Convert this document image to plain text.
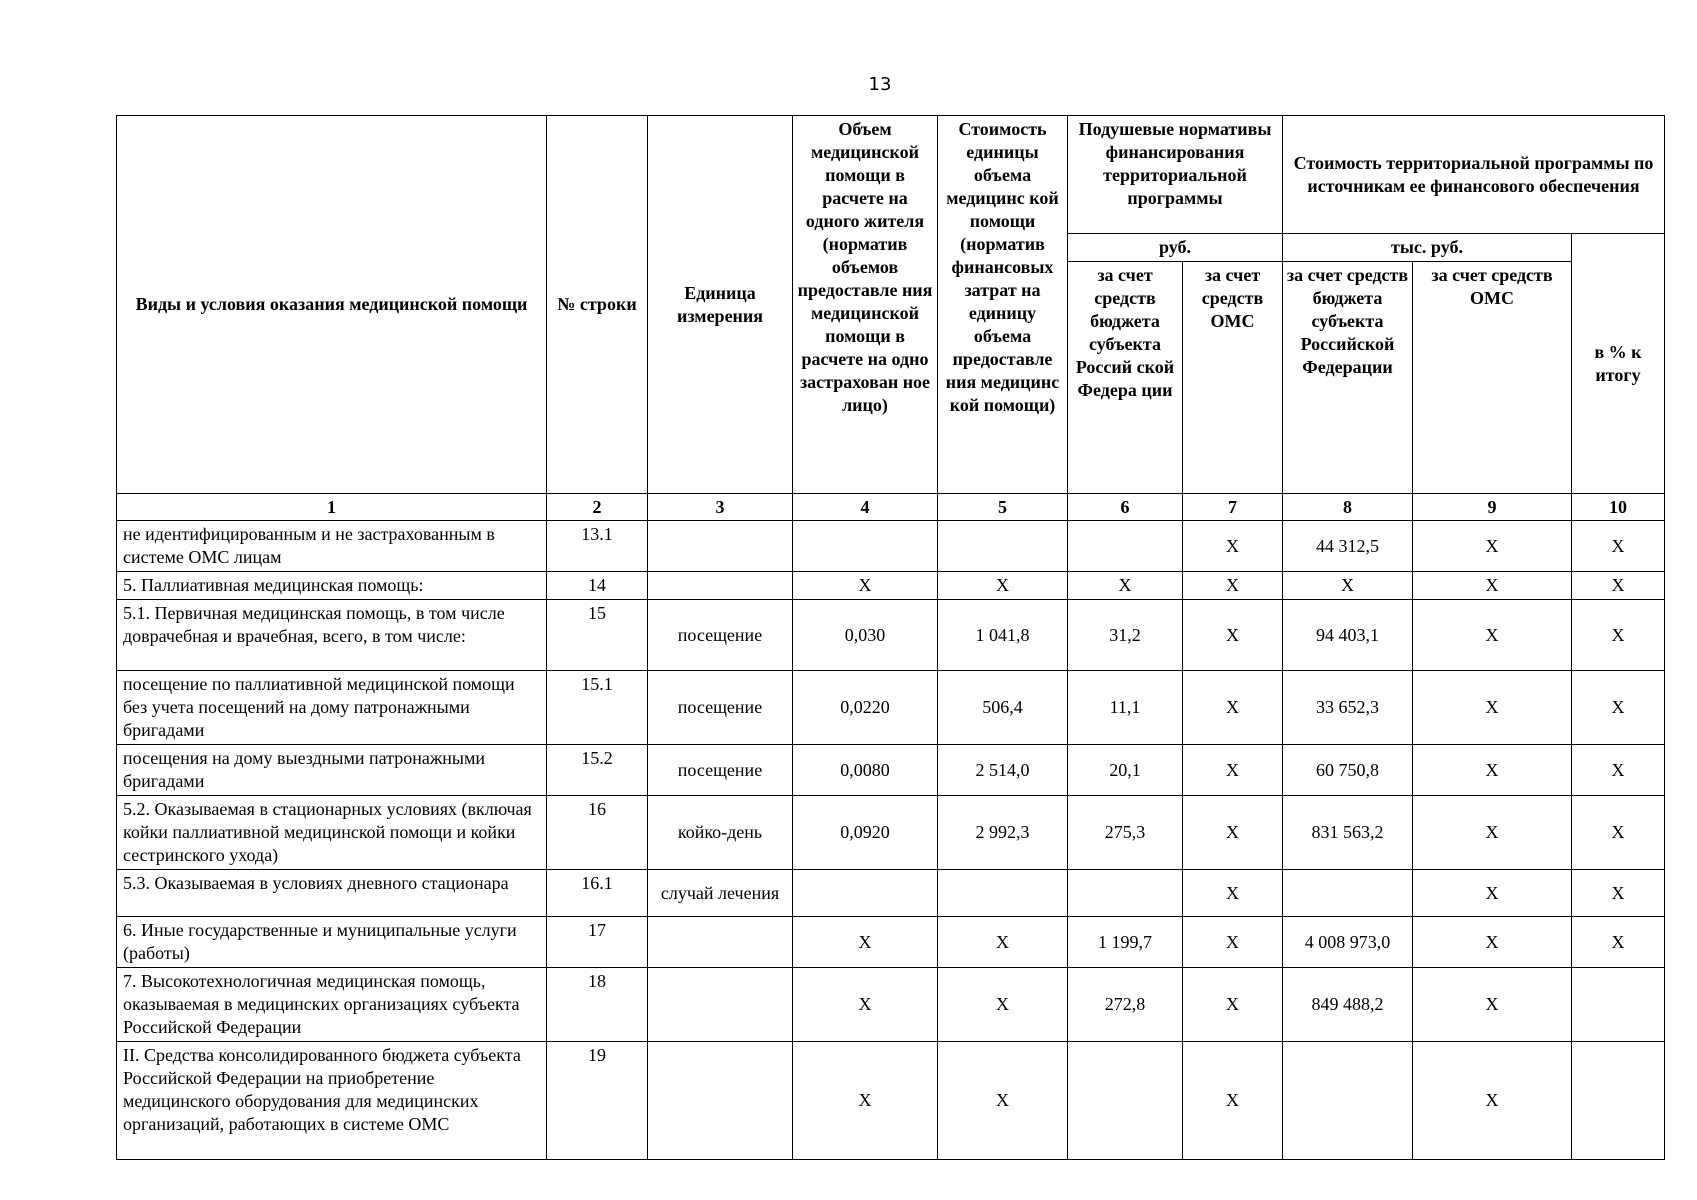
13
Виды и условия оказания медицинской помощи	№ строки	Единица измерения	Объем медицинской помощи в расчете на одного жителя (норматив объемов предоставле ния медицинской помощи в расчете на одно застрахован ное лицо)	Стоимость единицы объема медицинс кой помощи (норматив финансовых затрат на единицу объема предоставле ния медицинс кой помощи)	Подушевые нормативы финансирования территориальной программы		Стоимость территориальной программы по источникам ее финансового обеспечения		
					руб.		тыс. руб.		в % к итогу
					за счет средств бюджета субъекта Россий ской Федера ции	за счет средств ОМС	за счет средств бюджета субъекта Российской Федерации	за счет средств ОМС	
1	2	3	4	5	6	7	8	9	10
не идентифицированным и не застрахованным в системе ОМС лицам	13.1					Х	44 312,5	Х	Х
5. Паллиативная медицинская помощь:	14		Х	Х	Х	Х	Х	Х	Х
5.1. Первичная медицинская помощь, в том числе доврачебная и врачебная, всего, в том числе:	15	посещение	0,030	1 041,8	31,2	Х	94 403,1	Х	Х
посещение по паллиативной медицинской помощи без учета посещений на дому патронажными бригадами	15.1	посещение	0,0220	506,4	11,1	Х	33 652,3	Х	Х
посещения на дому выездными патронажными бригадами	15.2	посещение	0,0080	2 514,0	20,1	Х	60 750,8	Х	Х
5.2. Оказываемая в стационарных условиях (включая койки паллиативной медицинской помощи и койки сестринского ухода)	16	койко-день	0,0920	2 992,3	275,3	Х	831 563,2	Х	Х
5.3. Оказываемая в условиях дневного стационара	16.1	случай лечения				Х		Х	Х
6. Иные государственные и муниципальные услуги (работы)	17		Х	Х	1 199,7	Х	4 008 973,0	Х	Х
7. Высокотехнологичная медицинская помощь, оказываемая в медицинских организациях субъекта Российской Федерации	18		Х	Х	272,8	Х	849 488,2	Х	
II. Средства консолидированного бюджета субъекта Российской Федерации на приобретение медицинского оборудования для медицинских организаций, работающих в системе ОМС	19		Х	Х		Х		Х	
